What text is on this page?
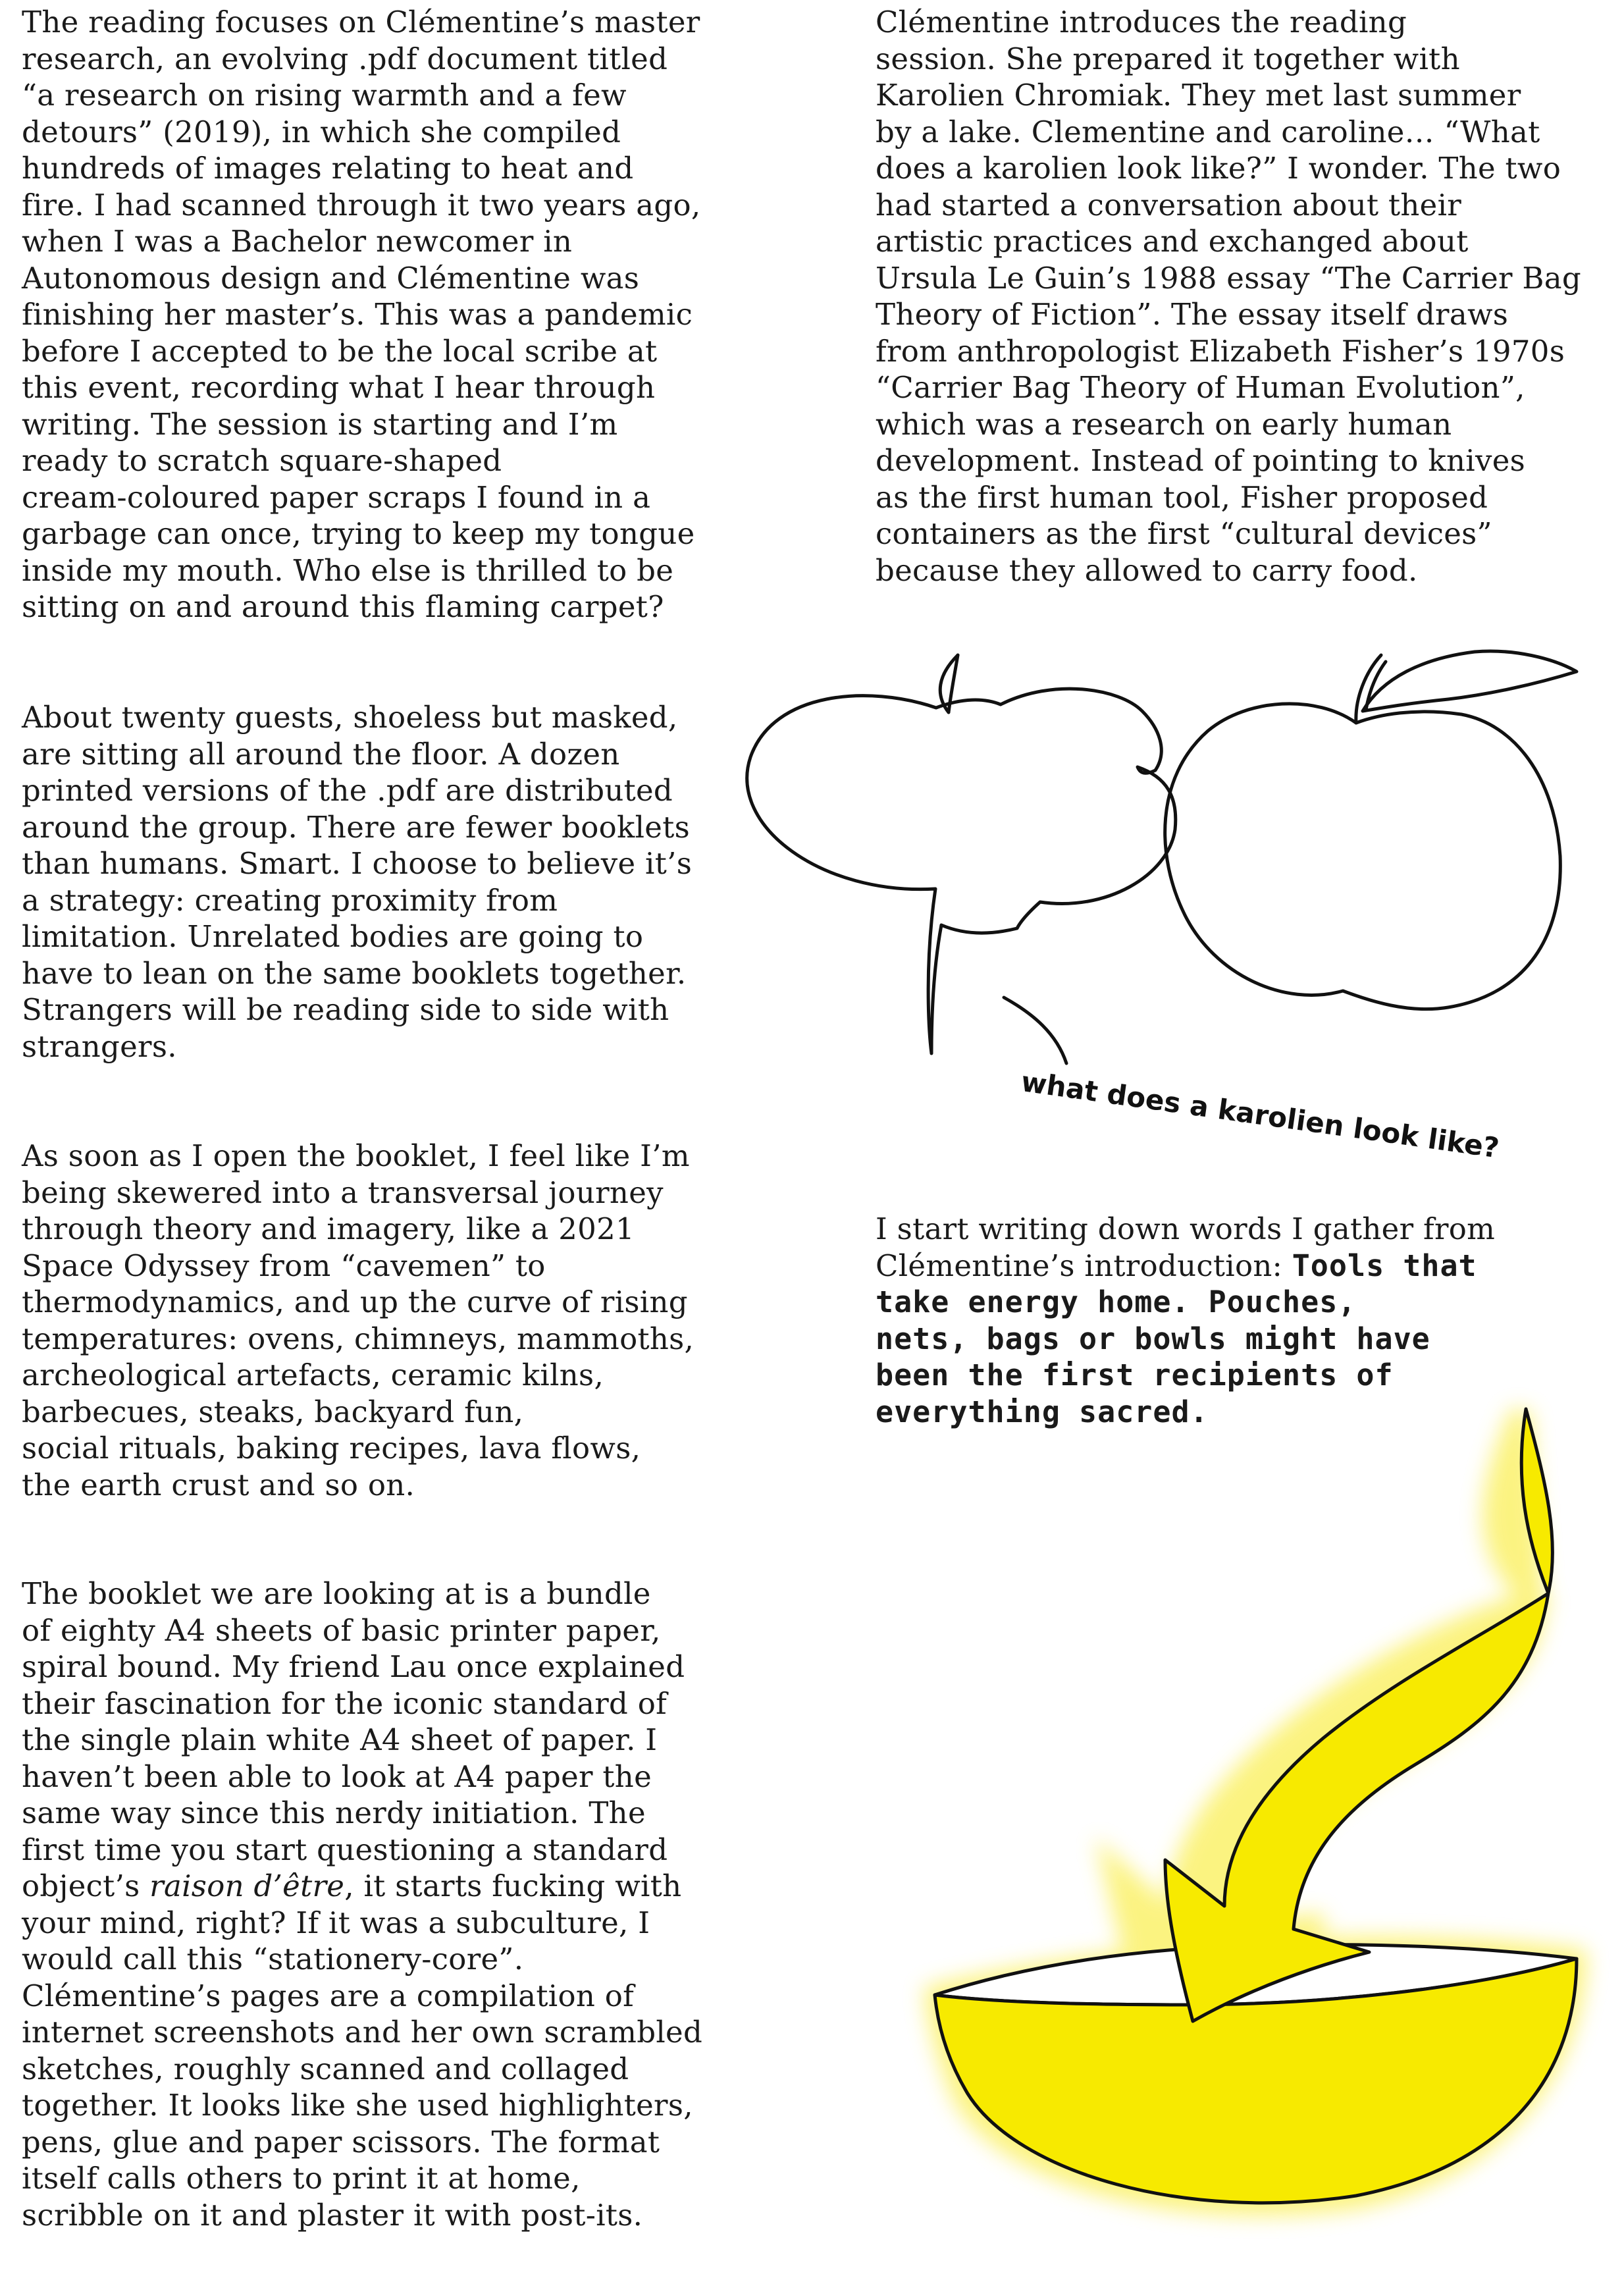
The reading focuses on Clémentine’s master
research, an evolving .pdf document titled
“a research on rising warmth and a few
detours” (2019), in which she compiled
hundreds of images relating to heat and
fire. I had scanned through it two years ago,
when I was a Bachelor newcomer in
Autonomous design and Clémentine was
finishing her master’s. This was a pandemic
before I accepted to be the local scribe at
this event, recording what I hear through
writing. The session is starting and I’m
ready to scratch square-shaped
cream-coloured paper scraps I found in a
garbage can once, trying to keep my tongue
inside my mouth. Who else is thrilled to be
sitting on and around this flaming carpet?

About twenty guests, shoeless but masked,
are sitting all around the floor. A dozen
printed versions of the .pdf are distributed
around the group. There are fewer booklets
than humans. Smart. I choose to believe it’s
a strategy: creating proximity from
limitation. Unrelated bodies are going to
have to lean on the same booklets together.
Strangers will be reading side to side with
strangers.

As soon as I open the booklet, I feel like I’m
being skewered into a transversal journey
through theory and imagery, like a 2021
Space Odyssey from “cavemen” to
thermodynamics, and up the curve of rising
temperatures: ovens, chimneys, mammoths,
archeological artefacts, ceramic kilns,
barbecues, steaks, backyard fun,
social rituals, baking recipes, lava flows,
the earth crust and so on.

The booklet we are looking at is a bundle
of eighty A4 sheets of basic printer paper,
spiral bound. My friend Lau once explained
their fascination for the iconic standard of
the single plain white A4 sheet of paper. I
haven’t been able to look at A4 paper the
same way since this nerdy initiation. The
first time you start questioning a standard
object’s raison d’être, it starts fucking with
your mind, right? If it was a subculture, I
would call this “stationery-core”.
Clémentine’s pages are a compilation of
internet screenshots and her own scrambled
sketches, roughly scanned and collaged
together. It looks like she used highlighters,
pens, glue and paper scissors. The format
itself calls others to print it at home,
scribble on it and plaster it with post-its.

Clémentine introduces the reading
session. She prepared it together with
Karolien Chromiak. They met last summer
by a lake. Clementine and caroline… “What
does a karolien look like?” I wonder. The two
had started a conversation about their
artistic practices and exchanged about
Ursula Le Guin’s 1988 essay “The Carrier Bag
Theory of Fiction”. The essay itself draws
from anthropologist Elizabeth Fisher’s 1970s
“Carrier Bag Theory of Human Evolution”,
which was a research on early human
development. Instead of pointing to knives
as the first human tool, Fisher proposed
containers as the first “cultural devices”
because they allowed to carry food.

I start writing down words I gather from
Clémentine’s introduction: Tools that
take energy home. Pouches,
nets, bags or bowls might have
been the first recipients of
everything sacred.

what does a karolien look like?
